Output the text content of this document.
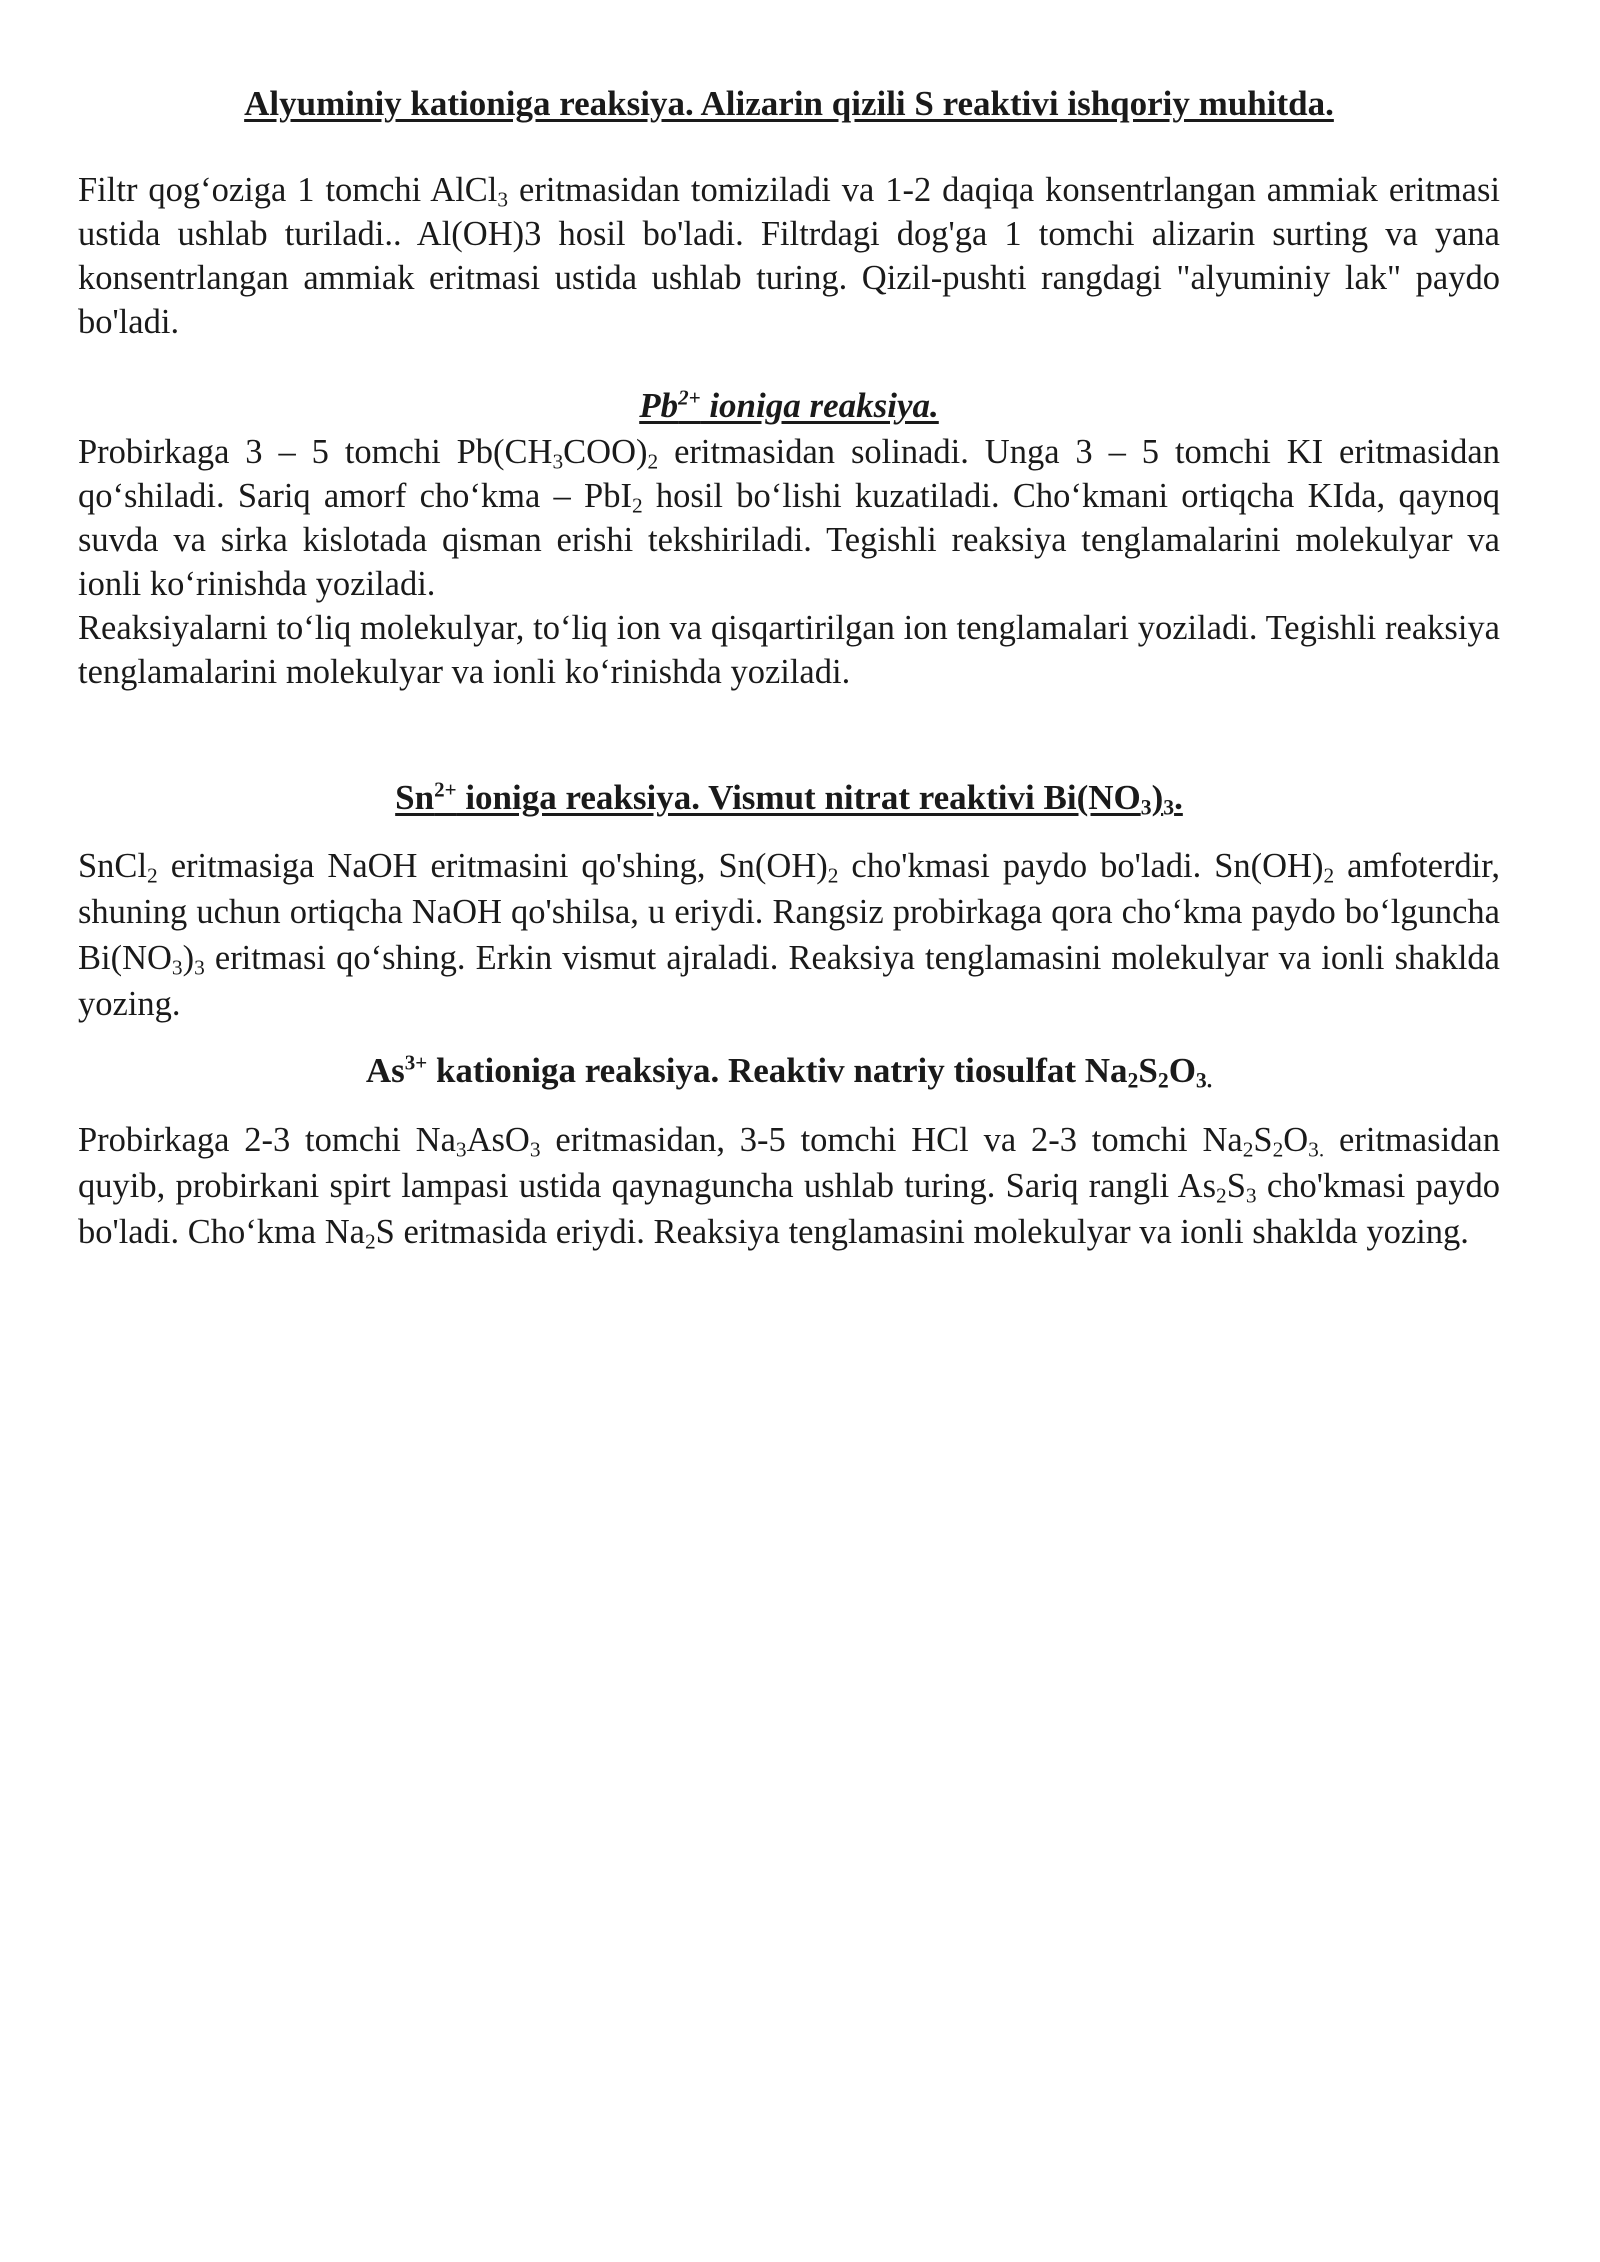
Alyuminiy kationiga reaksiya. Alizarin qizili S reaktivi ishqoriy muhitda.

Filtr qog‘oziga 1 tomchi AlCl$_3$ eritmasidan tomiziladi va 1-2 daqiqa konsentrlangan ammiak eritmasi ustida ushlab turiladi.. Al(OH)3 hosil bo'ladi. Filtrdagi dog'ga 1 tomchi alizarin surting va yana konsentrlangan ammiak eritmasi ustida ushlab turing. Qizil-pushti rangdagi "alyuminiy lak" paydo bo'ladi.

$Pb^{2+}$ ioniga reaksiya.

Probirkaga 3 – 5 tomchi $Pb(CH_3COO)_2$ eritmasidan solinadi. Unga 3 – 5 tomchi KI eritmasidan qo‘shiladi. Sariq amorf cho‘kma – PbI$_2$ hosil bo‘lishi kuzatiladi. Cho‘kmani ortiqcha KIda, qaynoq suvda va sirka kislotada qisman erishi tekshiriladi. Tegishli reaksiya tenglamalarini molekulyar va ionli ko‘rinishda yoziladi.

Reaksiyalarni to‘liq molekulyar, to‘liq ion va qisqartirilgan ion tenglamalari yoziladi. Tegishli reaksiya tenglamalarini molekulyar va ionli ko‘rinishda yoziladi.

$Sn^{2+}$ ioniga reaksiya. Vismut nitrat reaktivi $Bi(NO_3)_3$.

SnCl$_2$ eritmasiga NaOH eritmasini qo'shing, $Sn(OH)_2$ cho'kmasi paydo bo'ladi. $Sn(OH)_2$ amfoterdir, shuning uchun ortiqcha NaOH qo'shilsa, u eriydi. Rangsiz probirkaga qora cho‘kma paydo bo‘lguncha $Bi(NO_3)_3$ eritmasi qo‘shing. Erkin vismut ajraladi. Reaksiya tenglamasini molekulyar va ionli shaklda yozing.

$As^{3+}$ kationiga reaksiya. Reaktiv natriy tiosulfat $Na_2S_2O_{3.}$

Probirkaga 2-3 tomchi $Na_3AsO_3$ eritmasidan, 3-5 tomchi HCl va 2-3 tomchi $Na_2S_2O_{3.}$ eritmasidan quyib, probirkani spirt lampasi ustida qaynaguncha ushlab turing. Sariq rangli $As_2S_3$ cho'kmasi paydo bo'ladi. Cho‘kma $Na_2S$ eritmasida eriydi. Reaksiya tenglamasini molekulyar va ionli shaklda yozing.
